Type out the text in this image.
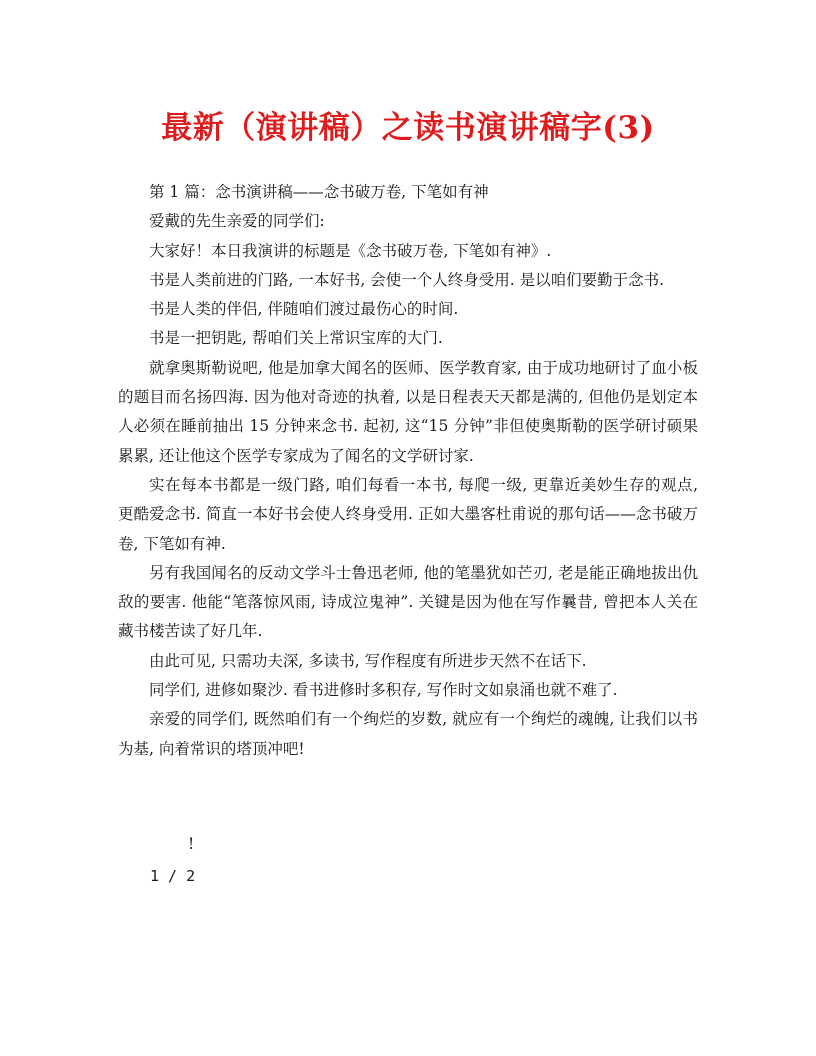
最新（演讲稿）之读书演讲稿字(3)

第 1 篇：念书演讲稿——念书破万卷, 下笔如有神

爱戴的先生亲爱的同学们:

大家好！本日我演讲的标题是《念书破万卷, 下笔如有神》.

书是人类前进的门路, 一本好书, 会使一个人终身受用. 是以咱们要勤于念书.

书是人类的伴侣, 伴随咱们渡过最伤心的时间.

书是一把钥匙, 帮咱们关上常识宝库的大门.

就拿奥斯勒说吧, 他是加拿大闻名的医师、医学教育家, 由于成功地研讨了血小板的题目而名扬四海. 因为他对奇迹的执着, 以是日程表天天都是满的, 但他仍是划定本人必须在睡前抽出 15 分钟来念书. 起初, 这“15 分钟”非但使奥斯勒的医学研讨硕果累累, 还让他这个医学专家成为了闻名的文学研讨家.

实在每本书都是一级门路, 咱们每看一本书, 每爬一级, 更靠近美妙生存的观点, 更酷爱念书. 简直一本好书会使人终身受用. 正如大墨客杜甫说的那句话——念书破万卷, 下笔如有神.

另有我国闻名的反动文学斗士鲁迅老师, 他的笔墨犹如芒刃, 老是能正确地拔出仇敌的要害. 他能“笔落惊风雨, 诗成泣鬼神”. 关键是因为他在写作曩昔, 曾把本人关在藏书楼苦读了好几年.

由此可见, 只需功夫深, 多读书, 写作程度有所进步天然不在话下.

同学们, 进修如聚沙. 看书进修时多积存, 写作时文如泉涌也就不难了.

亲爱的同学们, 既然咱们有一个绚烂的岁数, 就应有一个绚烂的魂魄, 让我们以书为基, 向着常识的塔顶冲吧!

!
1 / 2
